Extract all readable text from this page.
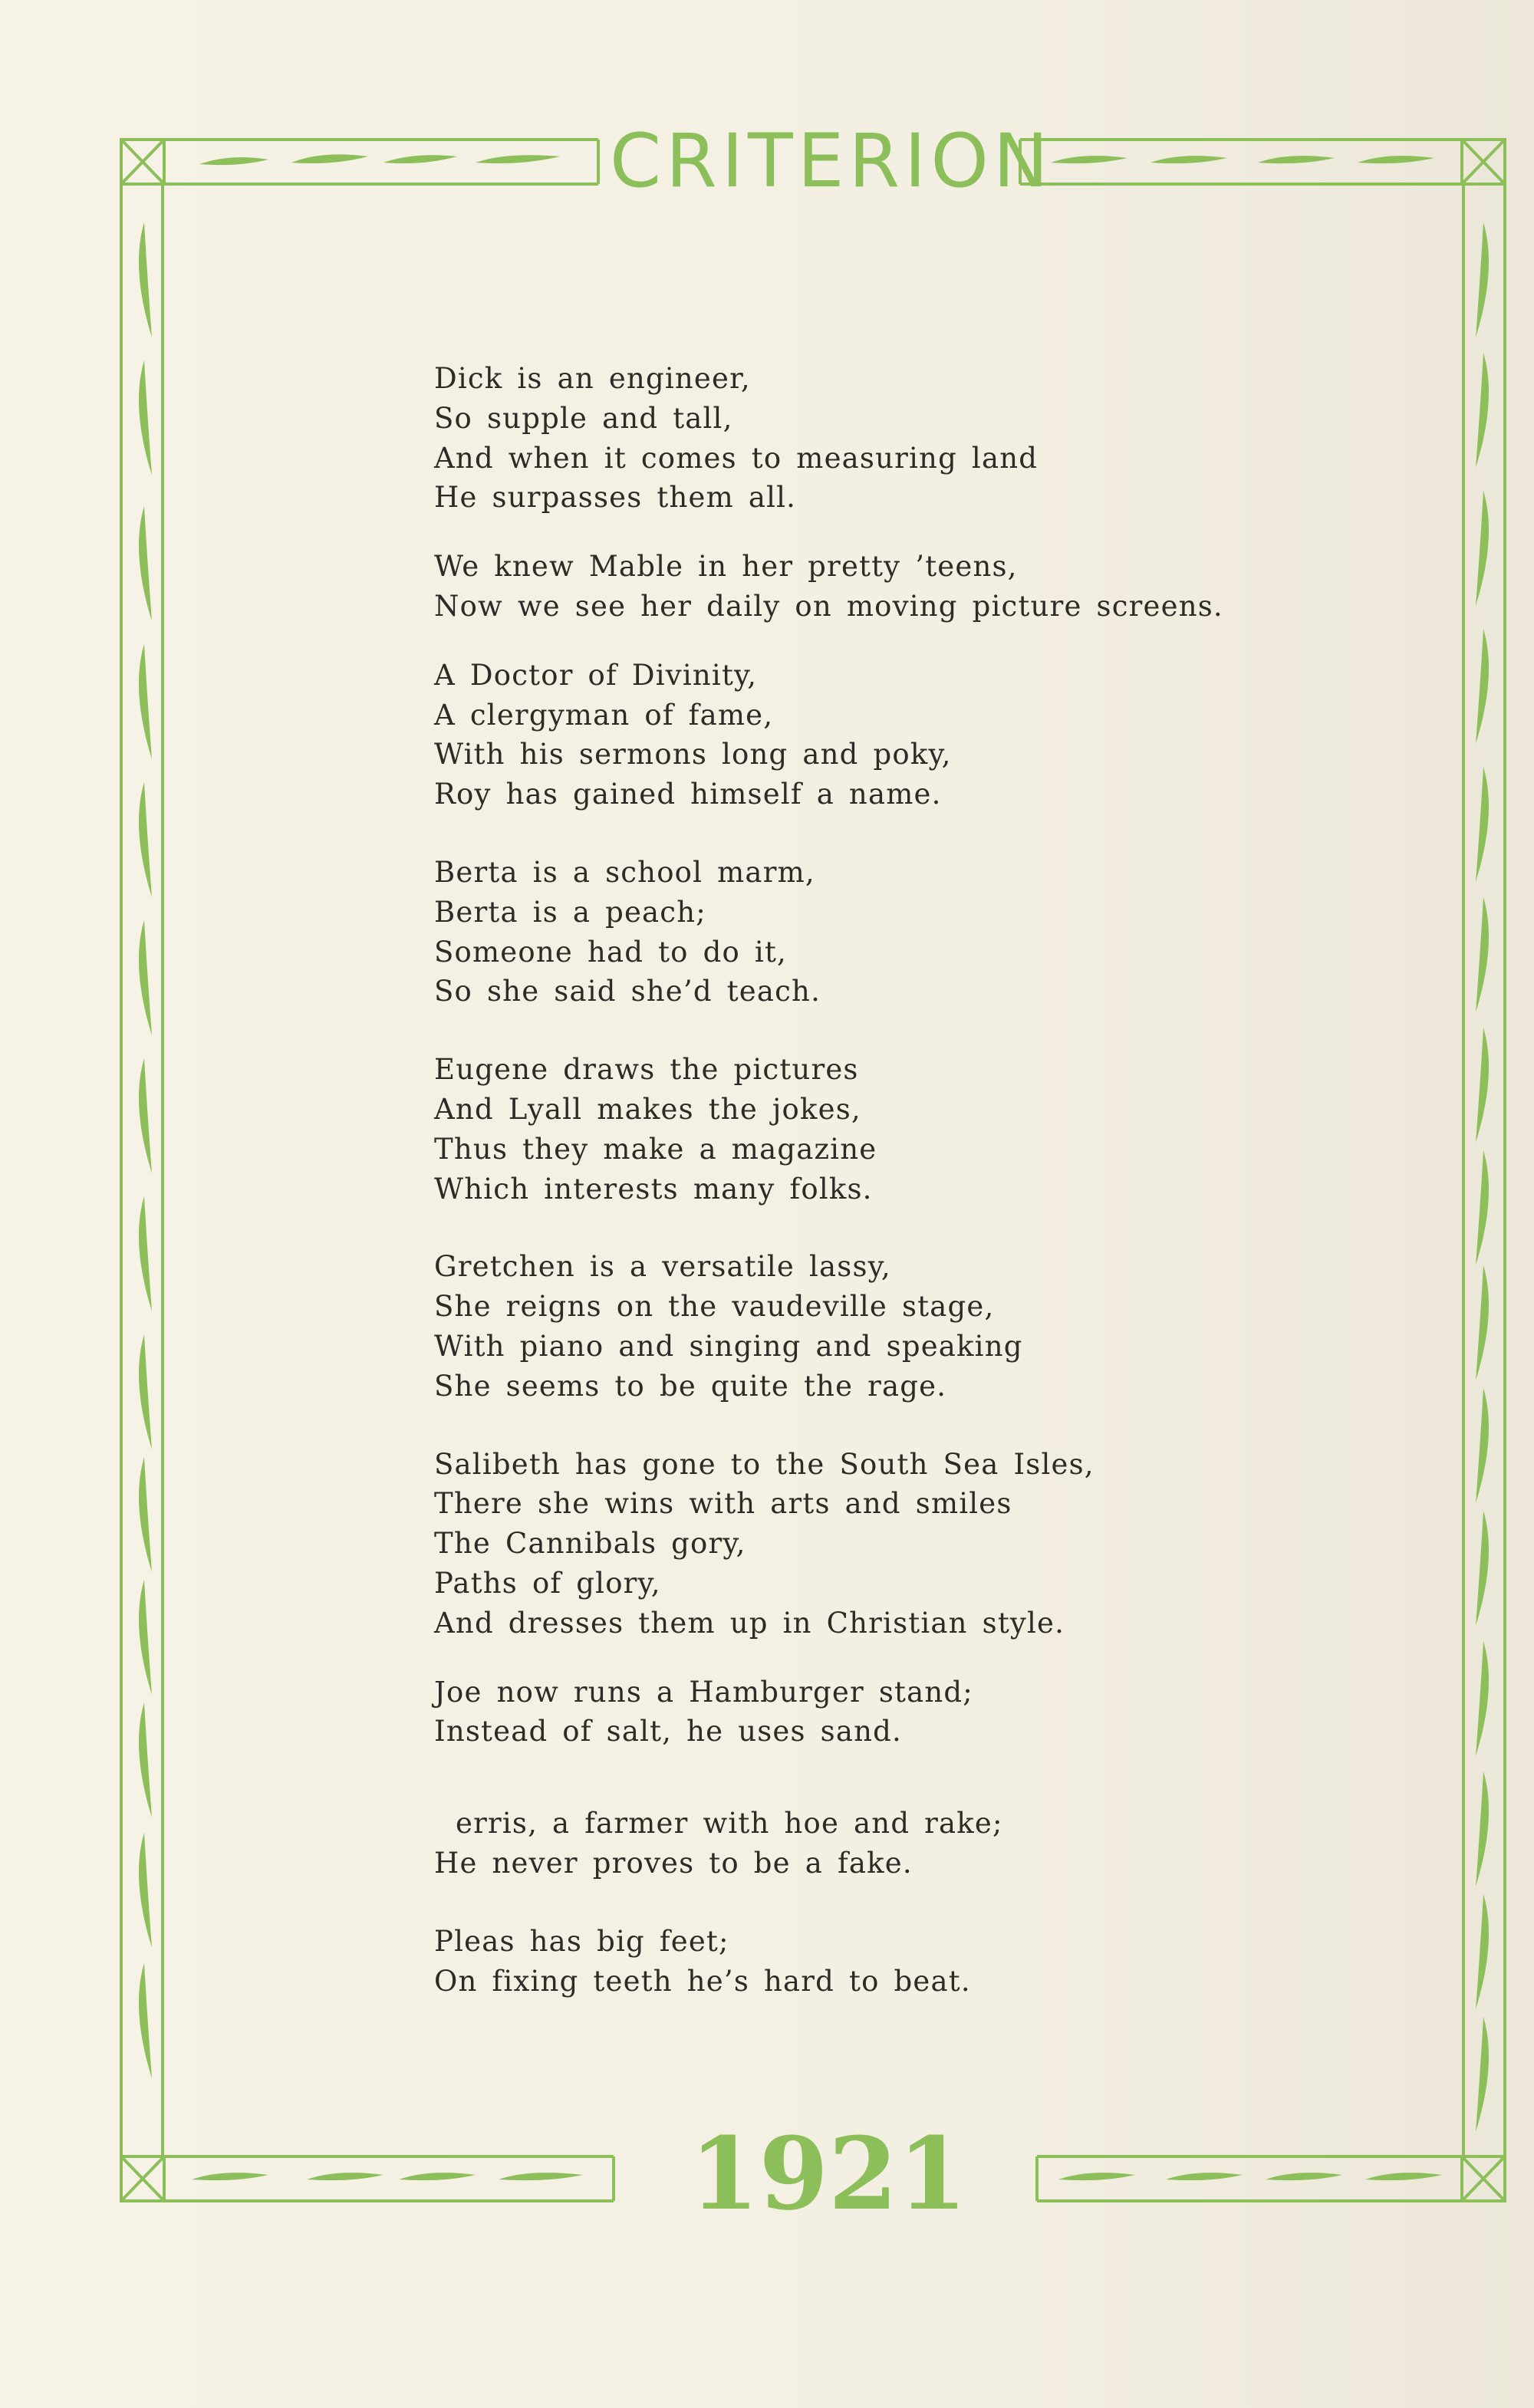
CRITERION
Dick is an engineer,
So supple and tall,
And when it comes to measuring land
He surpasses them all.
We knew Mable in her pretty ’teens,
Now we see her daily on moving picture screens.
A Doctor of Divinity,
A clergyman of fame,
With his sermons long and poky,
Roy has gained himself a name.
Berta is a school marm,
Berta is a peach;
Someone had to do it,
So she said she’d teach.
Eugene draws the pictures
And Lyall makes the jokes,
Thus they make a magazine
Which interests many folks.
Gretchen is a versatile lassy,
She reigns on the vaudeville stage,
With piano and singing and speaking
She seems to be quite the rage.
Salibeth has gone to the South Sea Isles,
There she wins with arts and smiles
The Cannibals gory,
Paths of glory,
And dresses them up in Christian style.
Joe now runs a Hamburger stand;
Instead of salt, he uses sand.
erris, a farmer with hoe and rake;
He never proves to be a fake.
Pleas has big feet;
On fixing teeth he’s hard to beat.
1921
